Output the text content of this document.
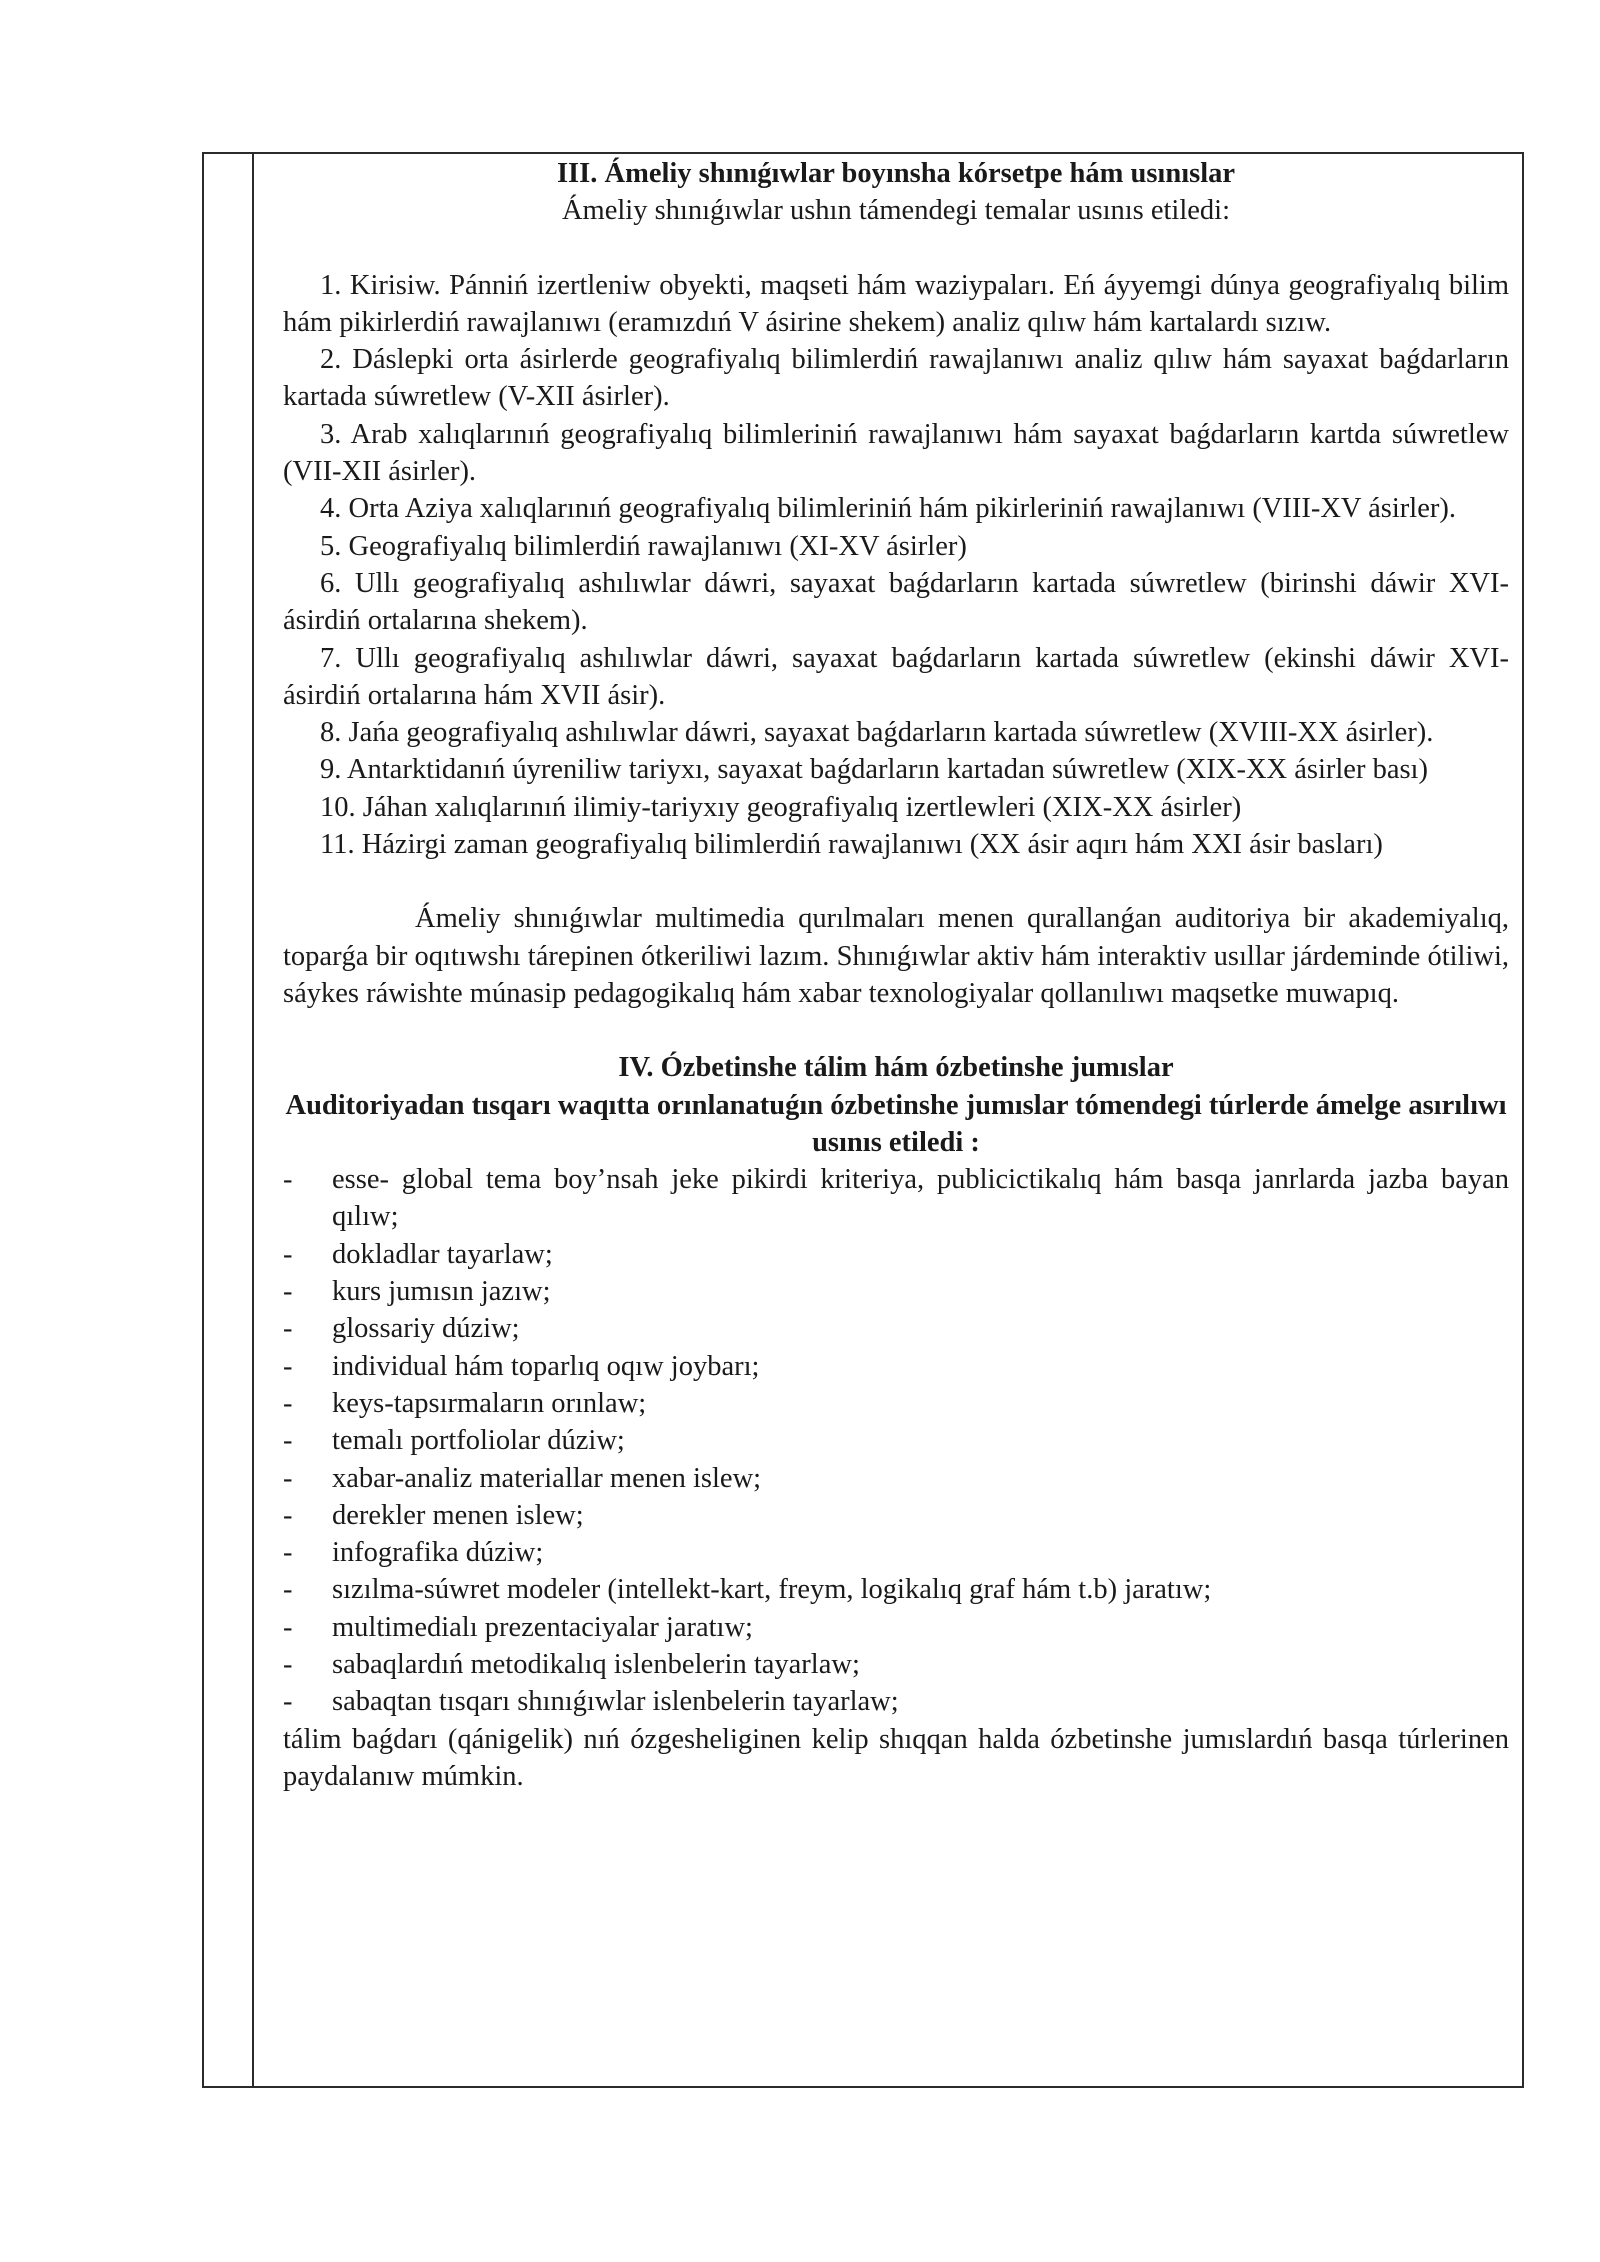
III. Ámeliy shınıǵıwlar boyınsha kórsetpe hám usınıslar
Ámeliy shınıǵıwlar ushın támendegi temalar usınıs etiledi:
1. Kirisiw. Pánniń izertleniw obyekti, maqseti hám waziypaları. Eń áyyemgi dúnya geografiyalıq bilim hám pikirlerdiń rawajlanıwı (eramızdıń V ásirine shekem) analiz qılıw hám kartalardı sızıw.
2. Dáslepki orta ásirlerde geografiyalıq bilimlerdiń rawajlanıwı analiz qılıw hám sayaxat baǵdarların kartada súwretlew (V-XII ásirler).
3. Arab xalıqlarınıń geografiyalıq bilimleriniń rawajlanıwı hám sayaxat baǵdarların kartda súwretlew (VII-XII ásirler).
4. Orta Aziya xalıqlarınıń geografiyalıq bilimleriniń hám pikirleriniń rawajlanıwı (VIII-XV ásirler).
5. Geografiyalıq bilimlerdiń rawajlanıwı (XI-XV ásirler)
6. Ullı geografiyalıq ashılıwlar dáwri, sayaxat baǵdarların kartada súwretlew (birinshi dáwir XVI-ásirdiń ortalarına shekem).
7. Ullı geografiyalıq ashılıwlar dáwri, sayaxat baǵdarların kartada súwretlew (ekinshi dáwir XVI-ásirdiń ortalarına hám XVII ásir).
8. Jańa geografiyalıq ashılıwlar dáwri, sayaxat baǵdarların kartada súwretlew (XVIII-XX ásirler).
9. Antarktidanıń úyreniliw tariyxı, sayaxat baǵdarların kartadan súwretlew (XIX-XX ásirler bası)
10. Jáhan xalıqlarınıń ilimiy-tariyxıy geografiyalıq izertlewleri (XIX-XX ásirler)
11. Házirgi zaman geografiyalıq bilimlerdiń rawajlanıwı (XX ásir aqırı hám XXI ásir basları)
Ámeliy shınıǵıwlar multimedia qurılmaları menen qurallanǵan auditoriya bir akademiyalıq, toparǵa bir oqıtıwshı tárepinen ótkeriliwi lazım. Shınıǵıwlar aktiv hám interaktiv usıllar járdeminde ótiliwi, sáykes ráwishte múnasip pedagogikalıq hám xabar texnologiyalar qollanılıwı maqsetke muwapıq.
IV. Ózbetinshe tálim hám ózbetinshe jumıslar
Auditoriyadan tısqarı waqıtta orınlanatuǵın ózbetinshe jumıslar tómendegi túrlerde ámelge asırılıwı usınıs etiledi :
-	esse- global tema boy’nsah jeke pikirdi kriteriya, publicictikalıq hám basqa janrlarda jazba bayan qılıw;
-	dokladlar tayarlaw;
-	kurs jumısın jazıw;
-	glossariy dúziw;
-	individual hám toparlıq oqıw joybarı;
-	keys-tapsırmaların orınlaw;
-	temalı portfoliolar dúziw;
-	xabar-analiz materiallar menen islew;
-	derekler menen islew;
-	infografika dúziw;
-	sızılma-súwret modeler (intellekt-kart, freym, logikalıq graf hám t.b) jaratıw;
-	multimedialı prezentaciyalar jaratıw;
-	sabaqlardıń metodikalıq islenbelerin tayarlaw;
-	sabaqtan tısqarı shınıǵıwlar islenbelerin tayarlaw;
tálim baǵdarı (qánigelik) nıń ózgesheliginen kelip shıqqan halda ózbetinshe jumıslardıń basqa túrlerinen paydalanıw múmkin.
